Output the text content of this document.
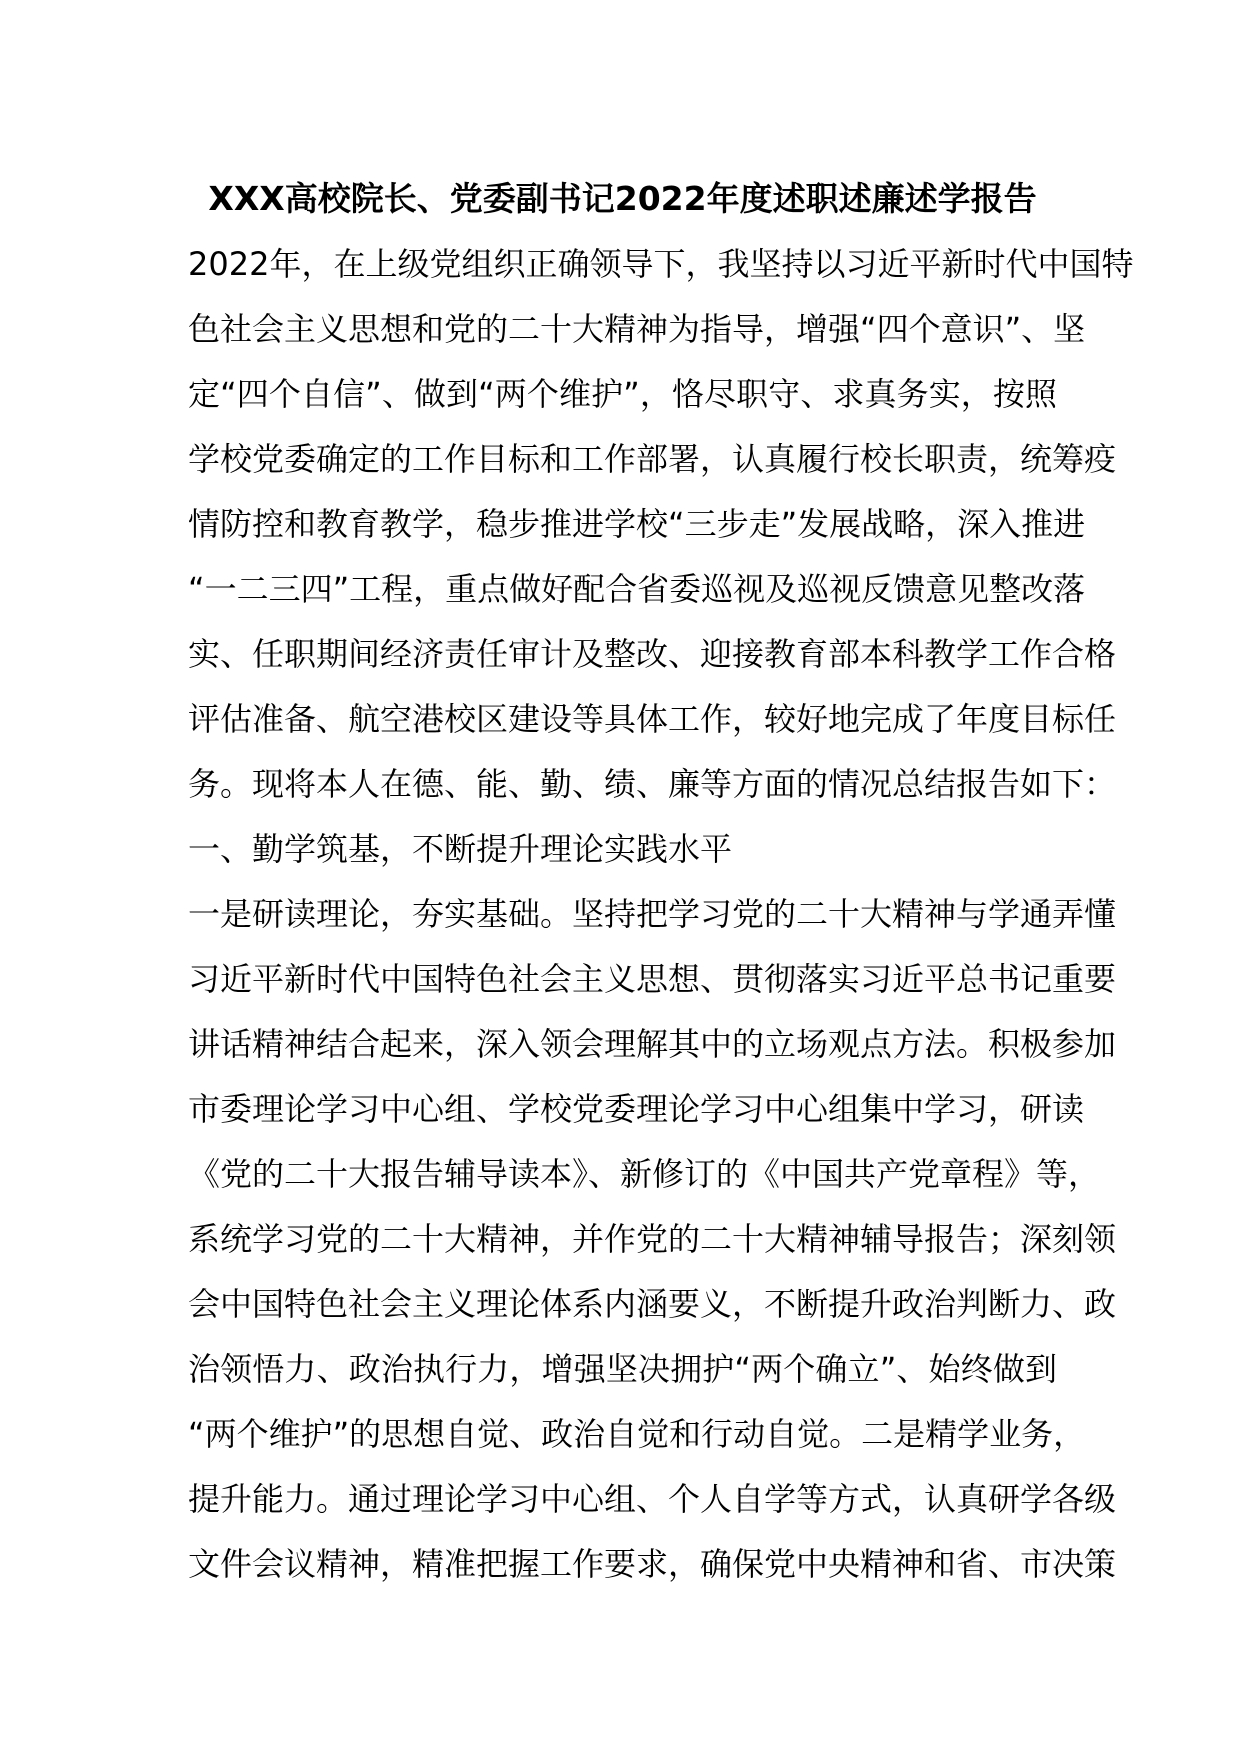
XXX高校院长、党委副书记2022年度述职述廉述学报告
2022年，在上级党组织正确领导下，我坚持以习近平新时代中国特
色社会主义思想和党的二十大精神为指导，增强“四个意识”、坚
定“四个自信”、做到“两个维护”，恪尽职守、求真务实，按照
学校党委确定的工作目标和工作部署，认真履行校长职责，统筹疫
情防控和教育教学，稳步推进学校“三步走”发展战略，深入推进
“一二三四”工程，重点做好配合省委巡视及巡视反馈意见整改落
实、任职期间经济责任审计及整改、迎接教育部本科教学工作合格
评估准备、航空港校区建设等具体工作，较好地完成了年度目标任
务。现将本人在德、能、勤、绩、廉等方面的情况总结报告如下：
一、勤学筑基，不断提升理论实践水平
一是研读理论，夯实基础。坚持把学习党的二十大精神与学通弄懂
习近平新时代中国特色社会主义思想、贯彻落实习近平总书记重要
讲话精神结合起来，深入领会理解其中的立场观点方法。积极参加
市委理论学习中心组、学校党委理论学习中心组集中学习，研读
《党的二十大报告辅导读本》、新修订的《中国共产党章程》等，
系统学习党的二十大精神，并作党的二十大精神辅导报告；深刻领
会中国特色社会主义理论体系内涵要义，不断提升政治判断力、政
治领悟力、政治执行力，增强坚决拥护“两个确立”、始终做到
“两个维护”的思想自觉、政治自觉和行动自觉。二是精学业务，
提升能力。通过理论学习中心组、个人自学等方式，认真研学各级
文件会议精神，精准把握工作要求，确保党中央精神和省、市决策
